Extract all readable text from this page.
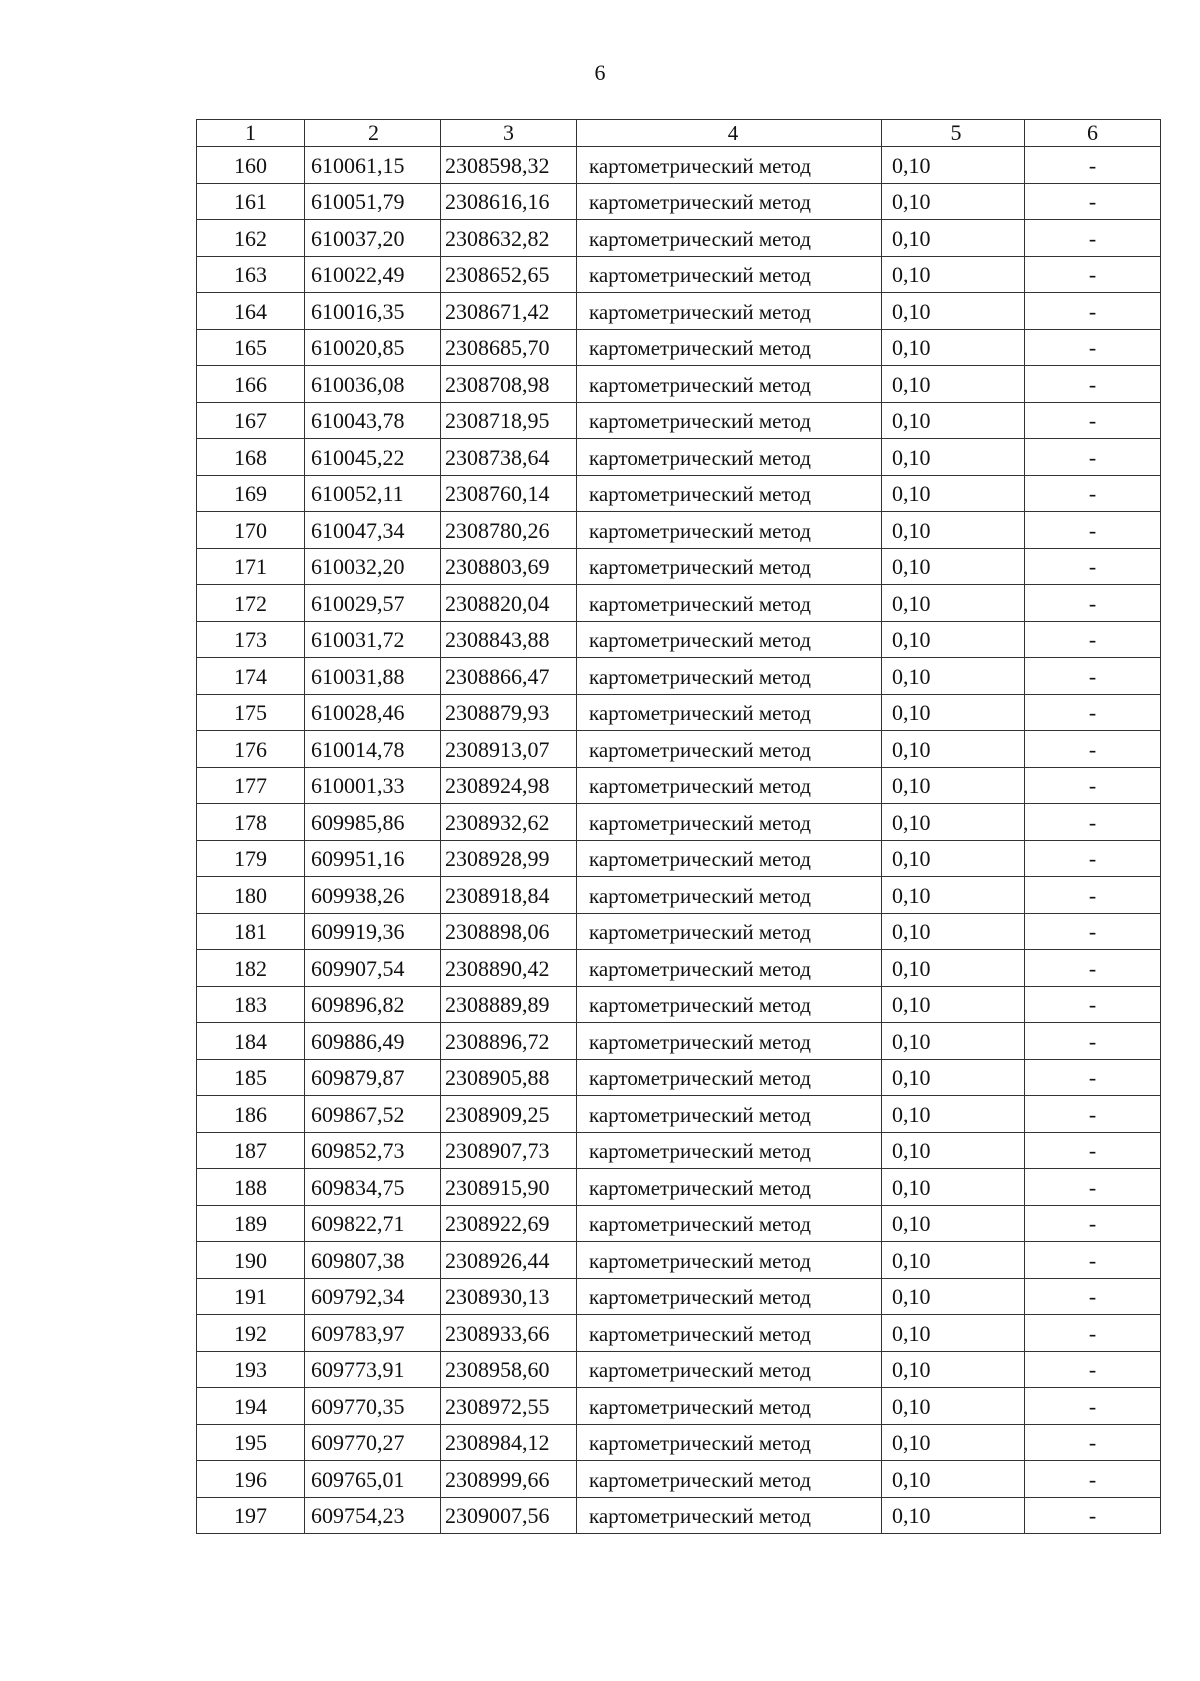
6
1	2	3	4	5	6
160	610061,15	2308598,32	картометрический метод	0,10	-
161	610051,79	2308616,16	картометрический метод	0,10	-
162	610037,20	2308632,82	картометрический метод	0,10	-
163	610022,49	2308652,65	картометрический метод	0,10	-
164	610016,35	2308671,42	картометрический метод	0,10	-
165	610020,85	2308685,70	картометрический метод	0,10	-
166	610036,08	2308708,98	картометрический метод	0,10	-
167	610043,78	2308718,95	картометрический метод	0,10	-
168	610045,22	2308738,64	картометрический метод	0,10	-
169	610052,11	2308760,14	картометрический метод	0,10	-
170	610047,34	2308780,26	картометрический метод	0,10	-
171	610032,20	2308803,69	картометрический метод	0,10	-
172	610029,57	2308820,04	картометрический метод	0,10	-
173	610031,72	2308843,88	картометрический метод	0,10	-
174	610031,88	2308866,47	картометрический метод	0,10	-
175	610028,46	2308879,93	картометрический метод	0,10	-
176	610014,78	2308913,07	картометрический метод	0,10	-
177	610001,33	2308924,98	картометрический метод	0,10	-
178	609985,86	2308932,62	картометрический метод	0,10	-
179	609951,16	2308928,99	картометрический метод	0,10	-
180	609938,26	2308918,84	картометрический метод	0,10	-
181	609919,36	2308898,06	картометрический метод	0,10	-
182	609907,54	2308890,42	картометрический метод	0,10	-
183	609896,82	2308889,89	картометрический метод	0,10	-
184	609886,49	2308896,72	картометрический метод	0,10	-
185	609879,87	2308905,88	картометрический метод	0,10	-
186	609867,52	2308909,25	картометрический метод	0,10	-
187	609852,73	2308907,73	картометрический метод	0,10	-
188	609834,75	2308915,90	картометрический метод	0,10	-
189	609822,71	2308922,69	картометрический метод	0,10	-
190	609807,38	2308926,44	картометрический метод	0,10	-
191	609792,34	2308930,13	картометрический метод	0,10	-
192	609783,97	2308933,66	картометрический метод	0,10	-
193	609773,91	2308958,60	картометрический метод	0,10	-
194	609770,35	2308972,55	картометрический метод	0,10	-
195	609770,27	2308984,12	картометрический метод	0,10	-
196	609765,01	2308999,66	картометрический метод	0,10	-
197	609754,23	2309007,56	картометрический метод	0,10	-
